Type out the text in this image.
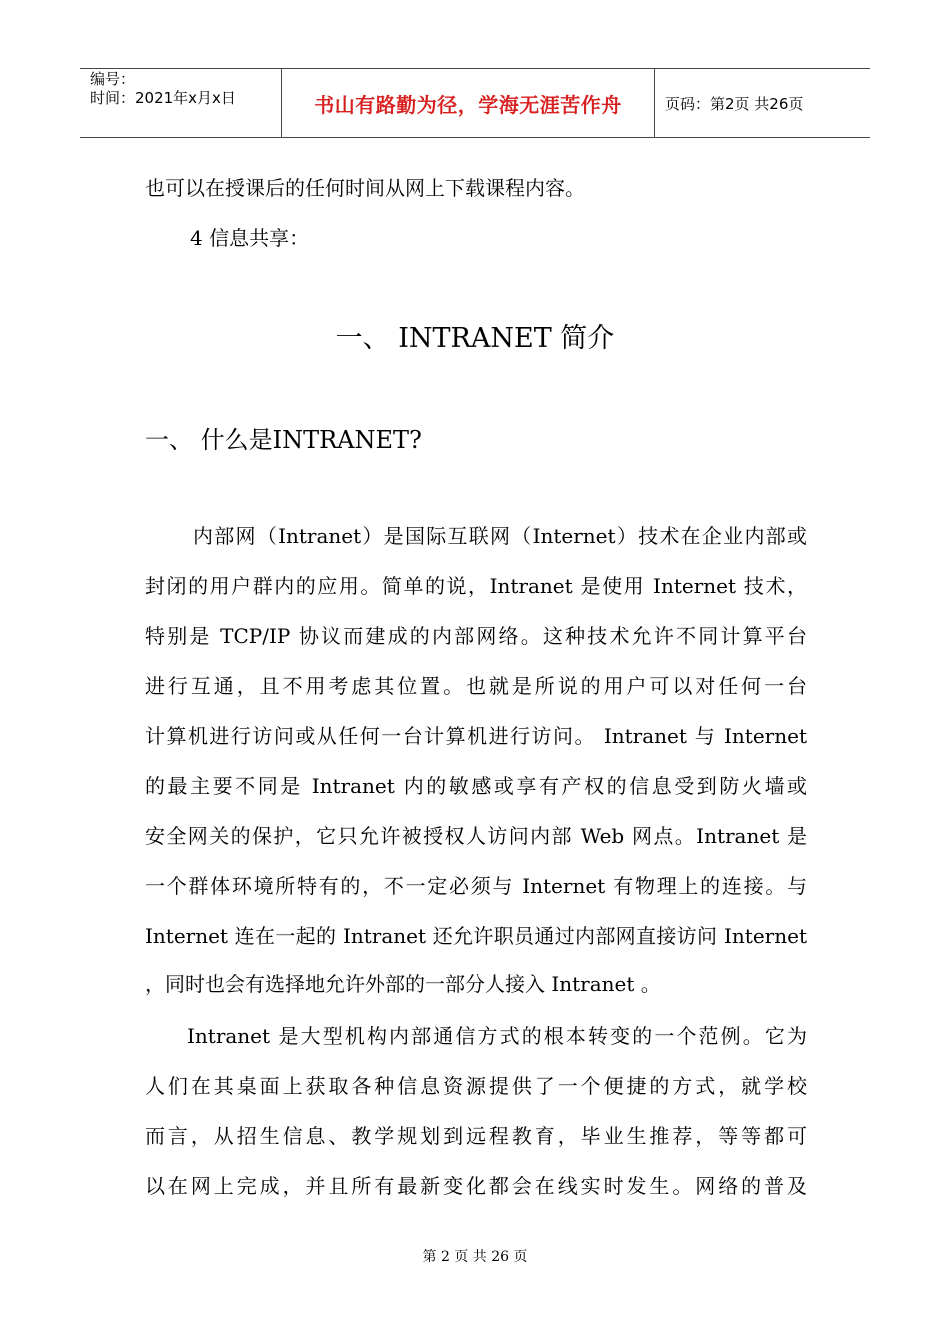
编号：
时间：2021年x月x日	书山有路勤为径，学海无涯苦作舟	页码：第2页 共26页
也可以在授课后的任何时间从网上下载课程内容。
4 信息共享：
一、 INTRANET 简介
一、 什么是INTRANET?
内部网（Intranet）是国际互联网（Internet）技术在企业内部或
封闭的用户群内的应用。简单的说，Intranet 是使用 Internet 技术，
特别是 TCP/IP 协议而建成的内部网络。这种技术允许不同计算平台
进行互通，且不用考虑其位置。也就是所说的用户可以对任何一台
计算机进行访问或从任何一台计算机进行访问。 Intranet 与 Internet
的最主要不同是 Intranet 内的敏感或享有产权的信息受到防火墙或
安全网关的保护，它只允许被授权人访问内部 Web 网点。Intranet 是
一个群体环境所特有的，不一定必须与 Internet 有物理上的连接。与
Internet 连在一起的 Intranet 还允许职员通过内部网直接访问 Internet
，同时也会有选择地允许外部的一部分人接入 Intranet 。
Intranet 是大型机构内部通信方式的根本转变的一个范例。它为
人们在其桌面上获取各种信息资源提供了一个便捷的方式，就学校
而言，从招生信息、教学规划到远程教育，毕业生推荐，等等都可
以在网上完成，并且所有最新变化都会在线实时发生。网络的普及
第 2 页 共 26 页
